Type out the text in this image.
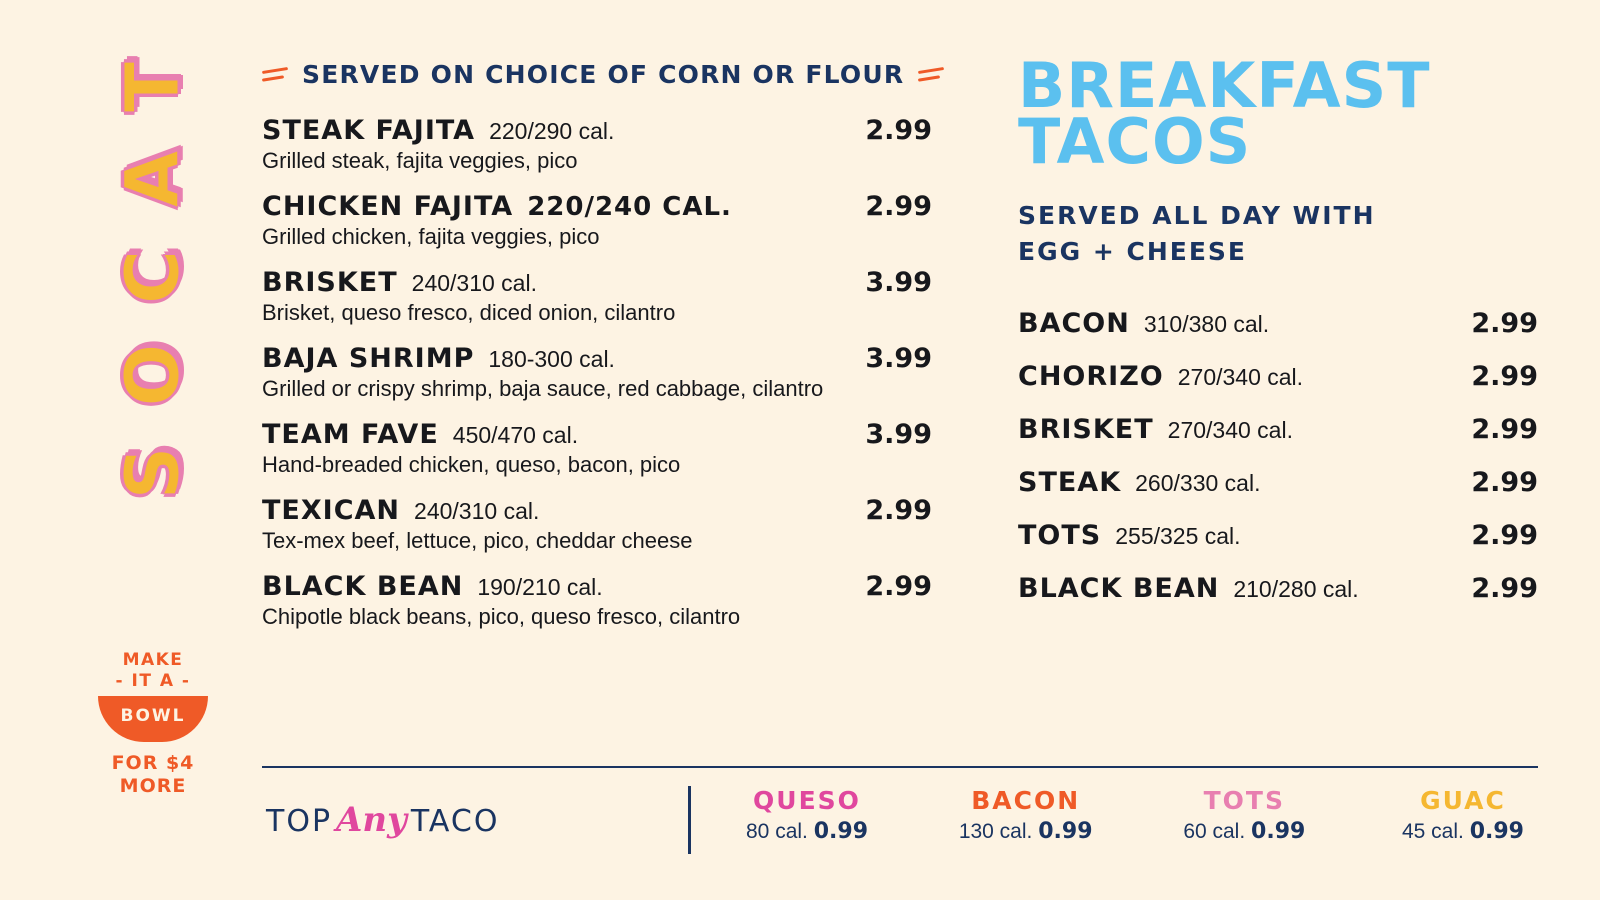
T
A
C
O
S
MAKE
- IT A -
BOWL
FOR $4
MORE
SERVED ON CHOICE OF CORN OR FLOUR
STEAK FAJITA 220/290 cal.	2.99
Grilled steak, fajita veggies, pico
CHICKEN FAJITA 220/240 CAL.	2.99
Grilled chicken, fajita veggies, pico
BRISKET 240/310 cal.	3.99
Brisket, queso fresco, diced onion, cilantro
BAJA SHRIMP 180-300 cal.	3.99
Grilled or crispy shrimp, baja sauce, red cabbage, cilantro
TEAM FAVE 450/470 cal.	3.99
Hand-breaded chicken, queso, bacon, pico
TEXICAN 240/310 cal.	2.99
Tex-mex beef, lettuce, pico, cheddar cheese
BLACK BEAN 190/210 cal.	2.99
Chipotle black beans, pico, queso fresco, cilantro
BREAKFAST
TACOS
SERVED ALL DAY WITH
EGG + CHEESE
BACON 310/380 cal.	2.99
CHORIZO 270/340 cal.	2.99
BRISKET 270/340 cal.	2.99
STEAK 260/330 cal.	2.99
TOTS 255/325 cal.	2.99
BLACK BEAN 210/280 cal.	2.99
TOP Any TACO
QUESO
80 cal. 0.99
BACON
130 cal. 0.99
TOTS
60 cal. 0.99
GUAC
45 cal. 0.99
